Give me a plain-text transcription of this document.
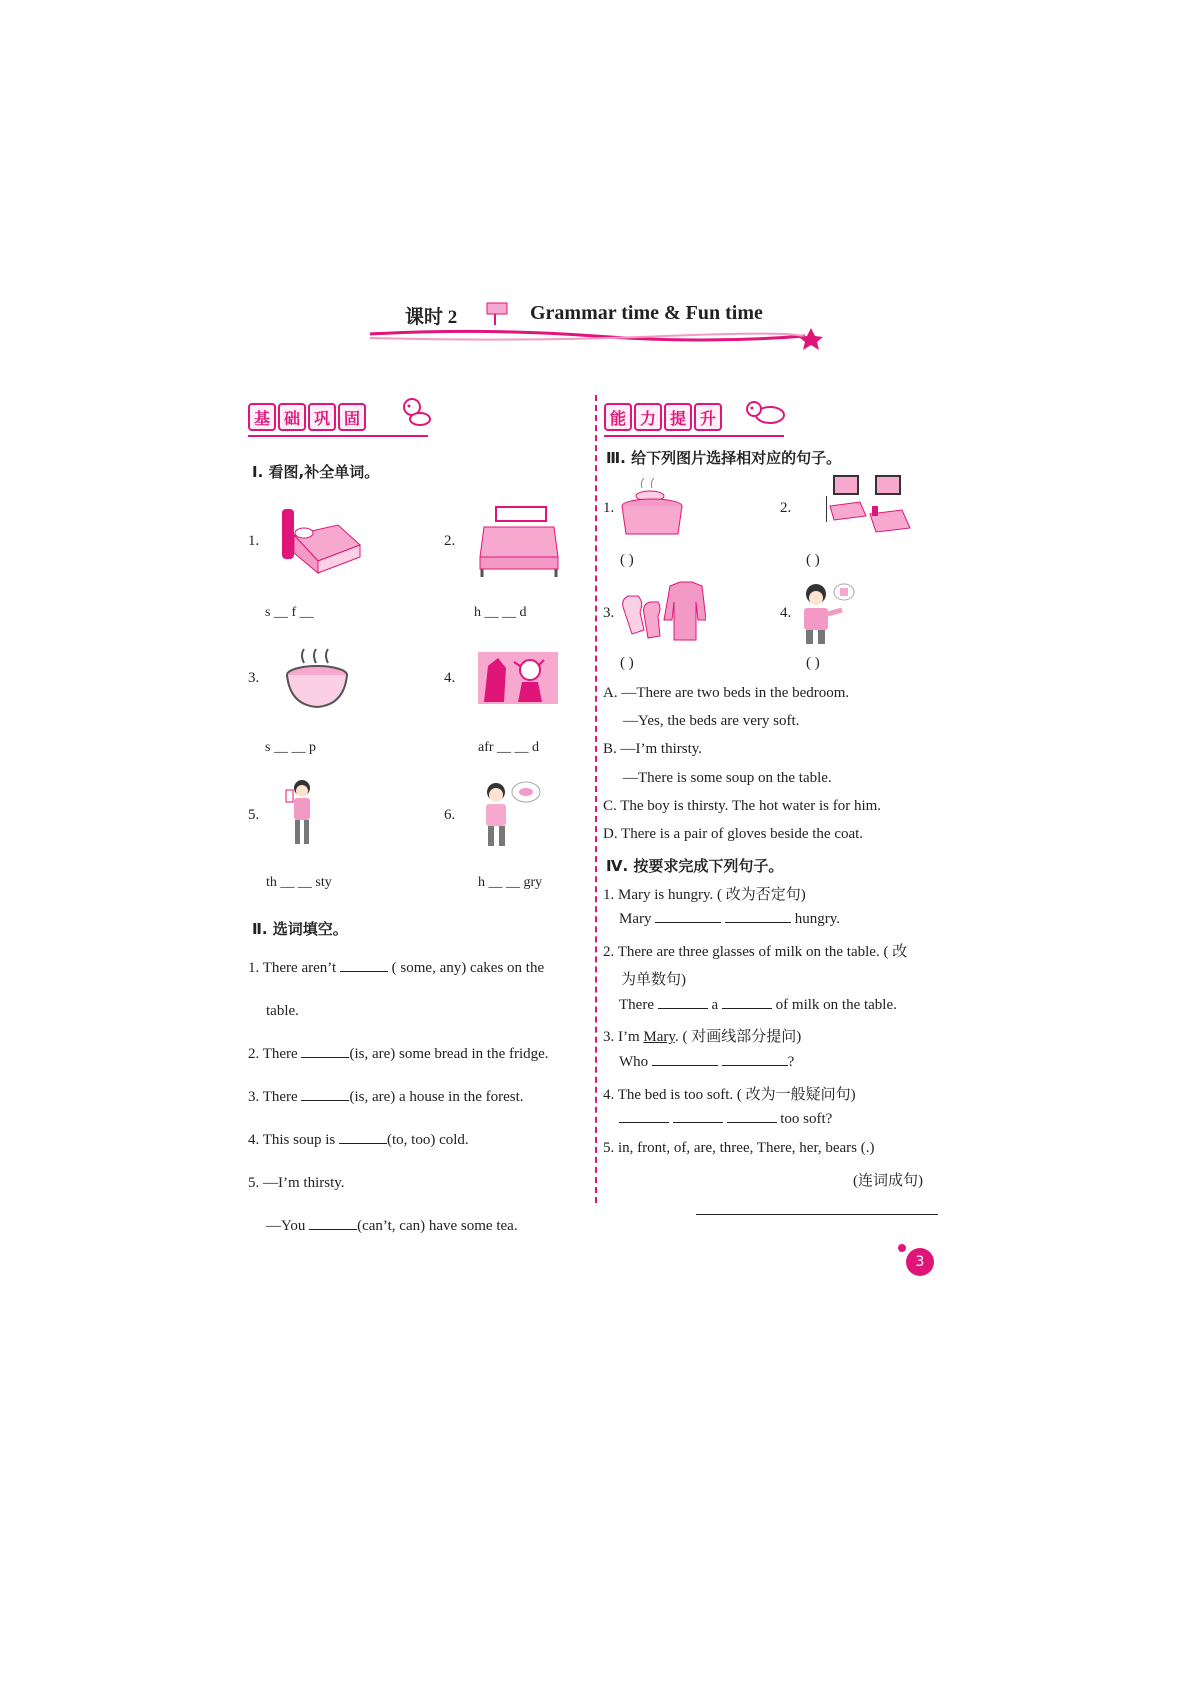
课时 2	Grammar time & Fun time
基 础 巩 固
Ⅰ. 看图,补全单词。
1.
s __ f __
2.
h __ __ d
3.
s __ __ p
4.
afr __ __ d
5.
th __ __ sty
6.
h __ __ gry
Ⅱ. 选词填空。
1. There aren’t	( some, any) cakes on the
table.
2. There	(is, are) some bread in the fridge.
3. There	(is, are) a house in the forest.
4. This soup is	(to, too) cold.
5. —I’m thirsty.
—You	(can’t, can) have some tea.
能 力 提 升
Ⅲ. 给下列图片选择相对应的句子。
1.
( )
2.
( )
3.
( )
4.
( )
A. —There are two beds in the bedroom.
—Yes, the beds are very soft.
B. —I’m thirsty.
—There is some soup on the table.
C. The boy is thirsty. The hot water is for him.
D. There is a pair of gloves beside the coat.
Ⅳ. 按要求完成下列句子。
1. Mary is hungry. ( 改为否定句)
Mary	hungry.
2. There are three glasses of milk on the table. ( 改
为单数句)
There	a	of milk on the table.
3. I’m Mary. ( 对画线部分提问)
Who	?
4. The bed is too soft. ( 改为一般疑问句)
too soft?
5. in, front, of, are, three, There, her, bears (.)
(连词成句)
3
